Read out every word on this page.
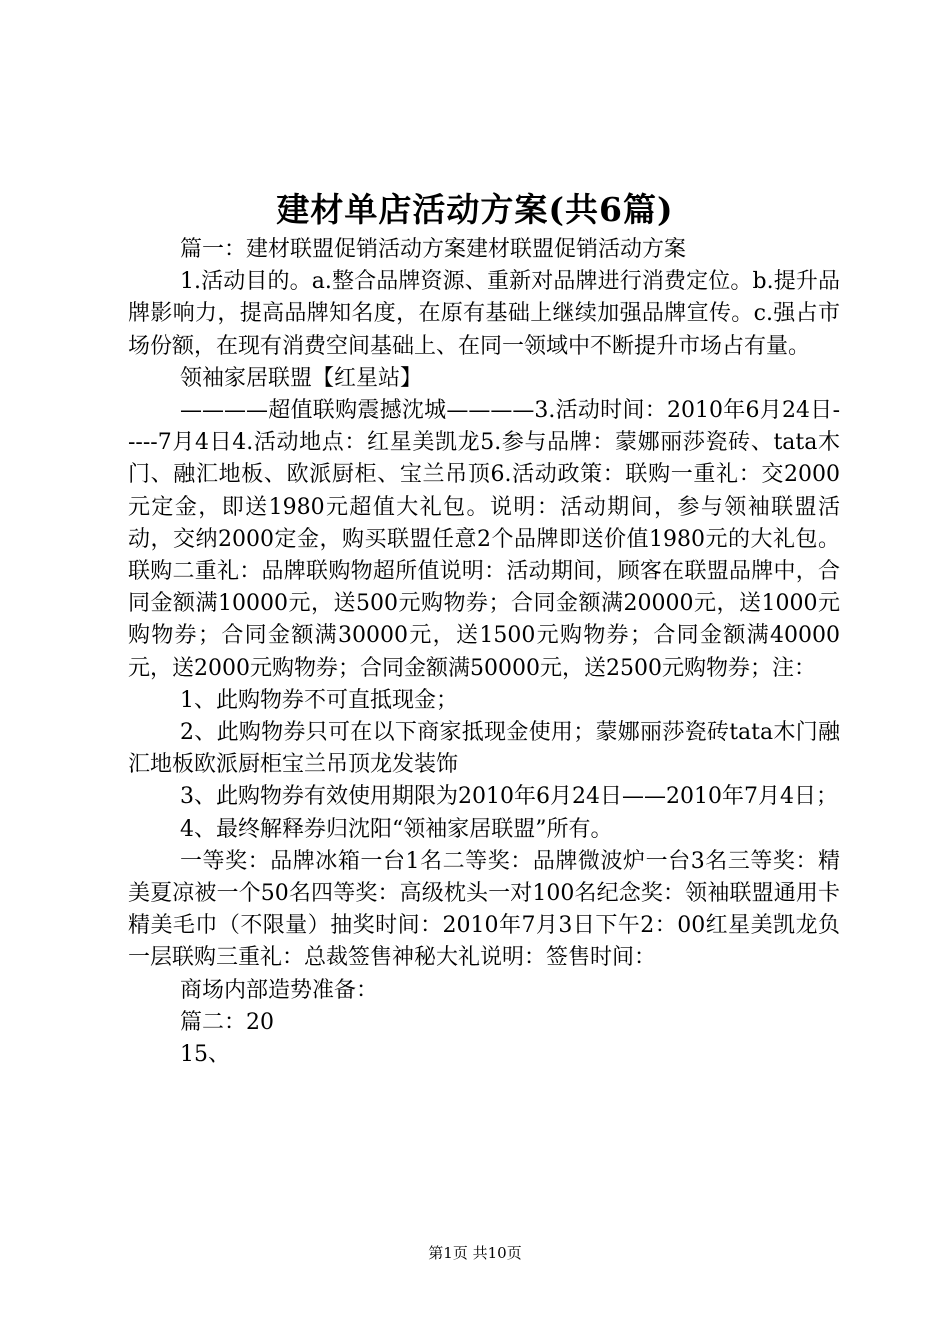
建材单店活动方案(共6篇)

篇一：建材联盟促销活动方案建材联盟促销活动方案

1.活动目的。a.整合品牌资源、重新对品牌进行消费定位。b.提升品牌影响力，提高品牌知名度，在原有基础上继续加强品牌宣传。c.强占市场份额，在现有消费空间基础上、在同一领域中不断提升市场占有量。

领袖家居联盟【红星站】

————超值联购震撼沈城————3.活动时间：2010年6月24日-----7月4日4.活动地点：红星美凯龙5.参与品牌：蒙娜丽莎瓷砖、tata木门、融汇地板、欧派厨柜、宝兰吊顶6.活动政策：联购一重礼：交2000元定金，即送1980元超值大礼包。说明：活动期间，参与领袖联盟活动，交纳2000定金，购买联盟任意2个品牌即送价值1980元的大礼包。联购二重礼：品牌联购物超所值说明：活动期间，顾客在联盟品牌中，合同金额满10000元，送500元购物券；合同金额满20000元，送1000元购物券；合同金额满30000元，送1500元购物券；合同金额满40000元，送2000元购物券；合同金额满50000元，送2500元购物券；注：

1、此购物券不可直抵现金；

2、此购物券只可在以下商家抵现金使用；蒙娜丽莎瓷砖tata木门融汇地板欧派厨柜宝兰吊顶龙发装饰

3、此购物券有效使用期限为2010年6月24日——2010年7月4日；

4、最终解释券归沈阳“领袖家居联盟”所有。

一等奖：品牌冰箱一台1名二等奖：品牌微波炉一台3名三等奖：精美夏凉被一个50名四等奖：高级枕头一对100名纪念奖：领袖联盟通用卡精美毛巾（不限量）抽奖时间：2010年7月3日下午2：00红星美凯龙负一层联购三重礼：总裁签售神秘大礼说明：签售时间：

商场内部造势准备：

篇二：20

15、

第1页 共10页
